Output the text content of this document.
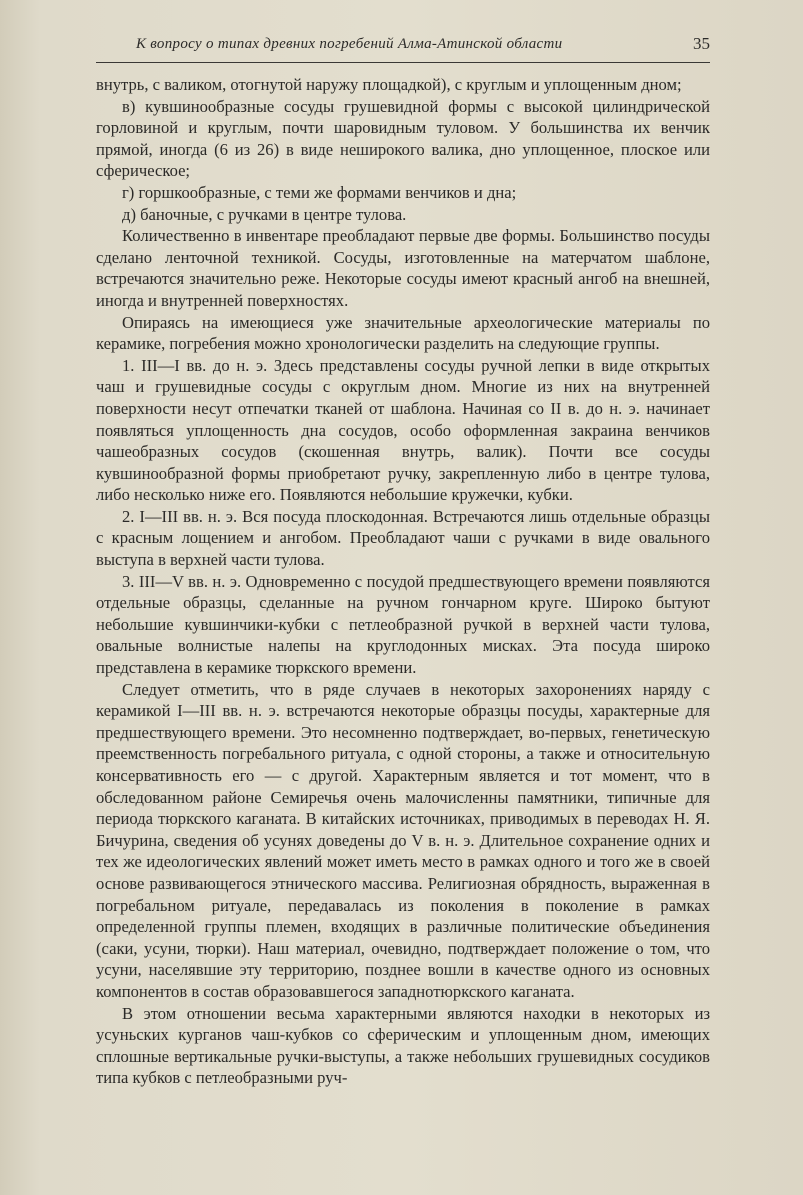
К вопросу о типах древних погребений Алма-Атинской области	35

внутрь, с валиком, отогнутой наружу площадкой), с круглым и уплощенным дном;

в) кувшинообразные сосуды грушевидной формы с высокой цилиндрической горловиной и круглым, почти шаровидным туловом. У большинства их венчик прямой, иногда (6 из 26) в виде неширокого валика, дно уплощенное, плоское или сферическое;

г) горшкообразные, с теми же формами венчиков и дна;

д) баночные, с ручками в центре тулова.

Количественно в инвентаре преобладают первые две формы. Большинство посуды сделано ленточной техникой. Сосуды, изготовленные на матерчатом шаблоне, встречаются значительно реже. Некоторые сосуды имеют красный ангоб на внешней, иногда и внутренней поверхностях.

Опираясь на имеющиеся уже значительные археологические материалы по керамике, погребения можно хронологически разделить на следующие группы.

1. III—I вв. до н. э. Здесь представлены сосуды ручной лепки в виде открытых чаш и грушевидные сосуды с округлым дном. Многие из них на внутренней поверхности несут отпечатки тканей от шаблона. Начиная со II в. до н. э. начинает появляться уплощенность дна сосудов, особо оформленная закраина венчиков чашеобразных сосудов (скошенная внутрь, валик). Почти все сосуды кувшинообразной формы приобретают ручку, закрепленную либо в центре тулова, либо несколько ниже его. Появляются небольшие кружечки, кубки.

2. I—III вв. н. э. Вся посуда плоскодонная. Встречаются лишь отдельные образцы с красным лощением и ангобом. Преобладают чаши с ручками в виде овального выступа в верхней части тулова.

3. III—V вв. н. э. Одновременно с посудой предшествующего времени появляются отдельные образцы, сделанные на ручном гончарном круге. Широко бытуют небольшие кувшинчики-кубки с петлеобразной ручкой в верхней части тулова, овальные волнистые налепы на круглодонных мисках. Эта посуда широко представлена в керамике тюркского времени.

Следует отметить, что в ряде случаев в некоторых захоронениях наряду с керамикой I—III вв. н. э. встречаются некоторые образцы посуды, характерные для предшествующего времени. Это несомненно подтверждает, во-первых, генетическую преемственность погребального ритуала, с одной стороны, а также и относительную консервативность его — с другой. Характерным является и тот момент, что в обследованном районе Семиречья очень малочисленны памятники, типичные для периода тюркского каганата. В китайских источниках, приводимых в переводах Н. Я. Бичурина, сведения об усунях доведены до V в. н. э. Длительное сохранение одних и тех же идеологических явлений может иметь место в рамках одного и того же в своей основе развивающегося этнического массива. Религиозная обрядность, выраженная в погребальном ритуале, передавалась из поколения в поколение в рамках определенной группы племен, входящих в различные политические объединения (саки, усуни, тюрки). Наш материал, очевидно, подтверждает положение о том, что усуни, населявшие эту территорию, позднее вошли в качестве одного из основных компонентов в состав образовавшегося западнотюркского каганата.

В этом отношении весьма характерными являются находки в некоторых из усуньских курганов чаш-кубков со сферическим и уплощенным дном, имеющих сплошные вертикальные ручки-выступы, а также небольших грушевидных сосудиков типа кубков с петлеобразными руч-
